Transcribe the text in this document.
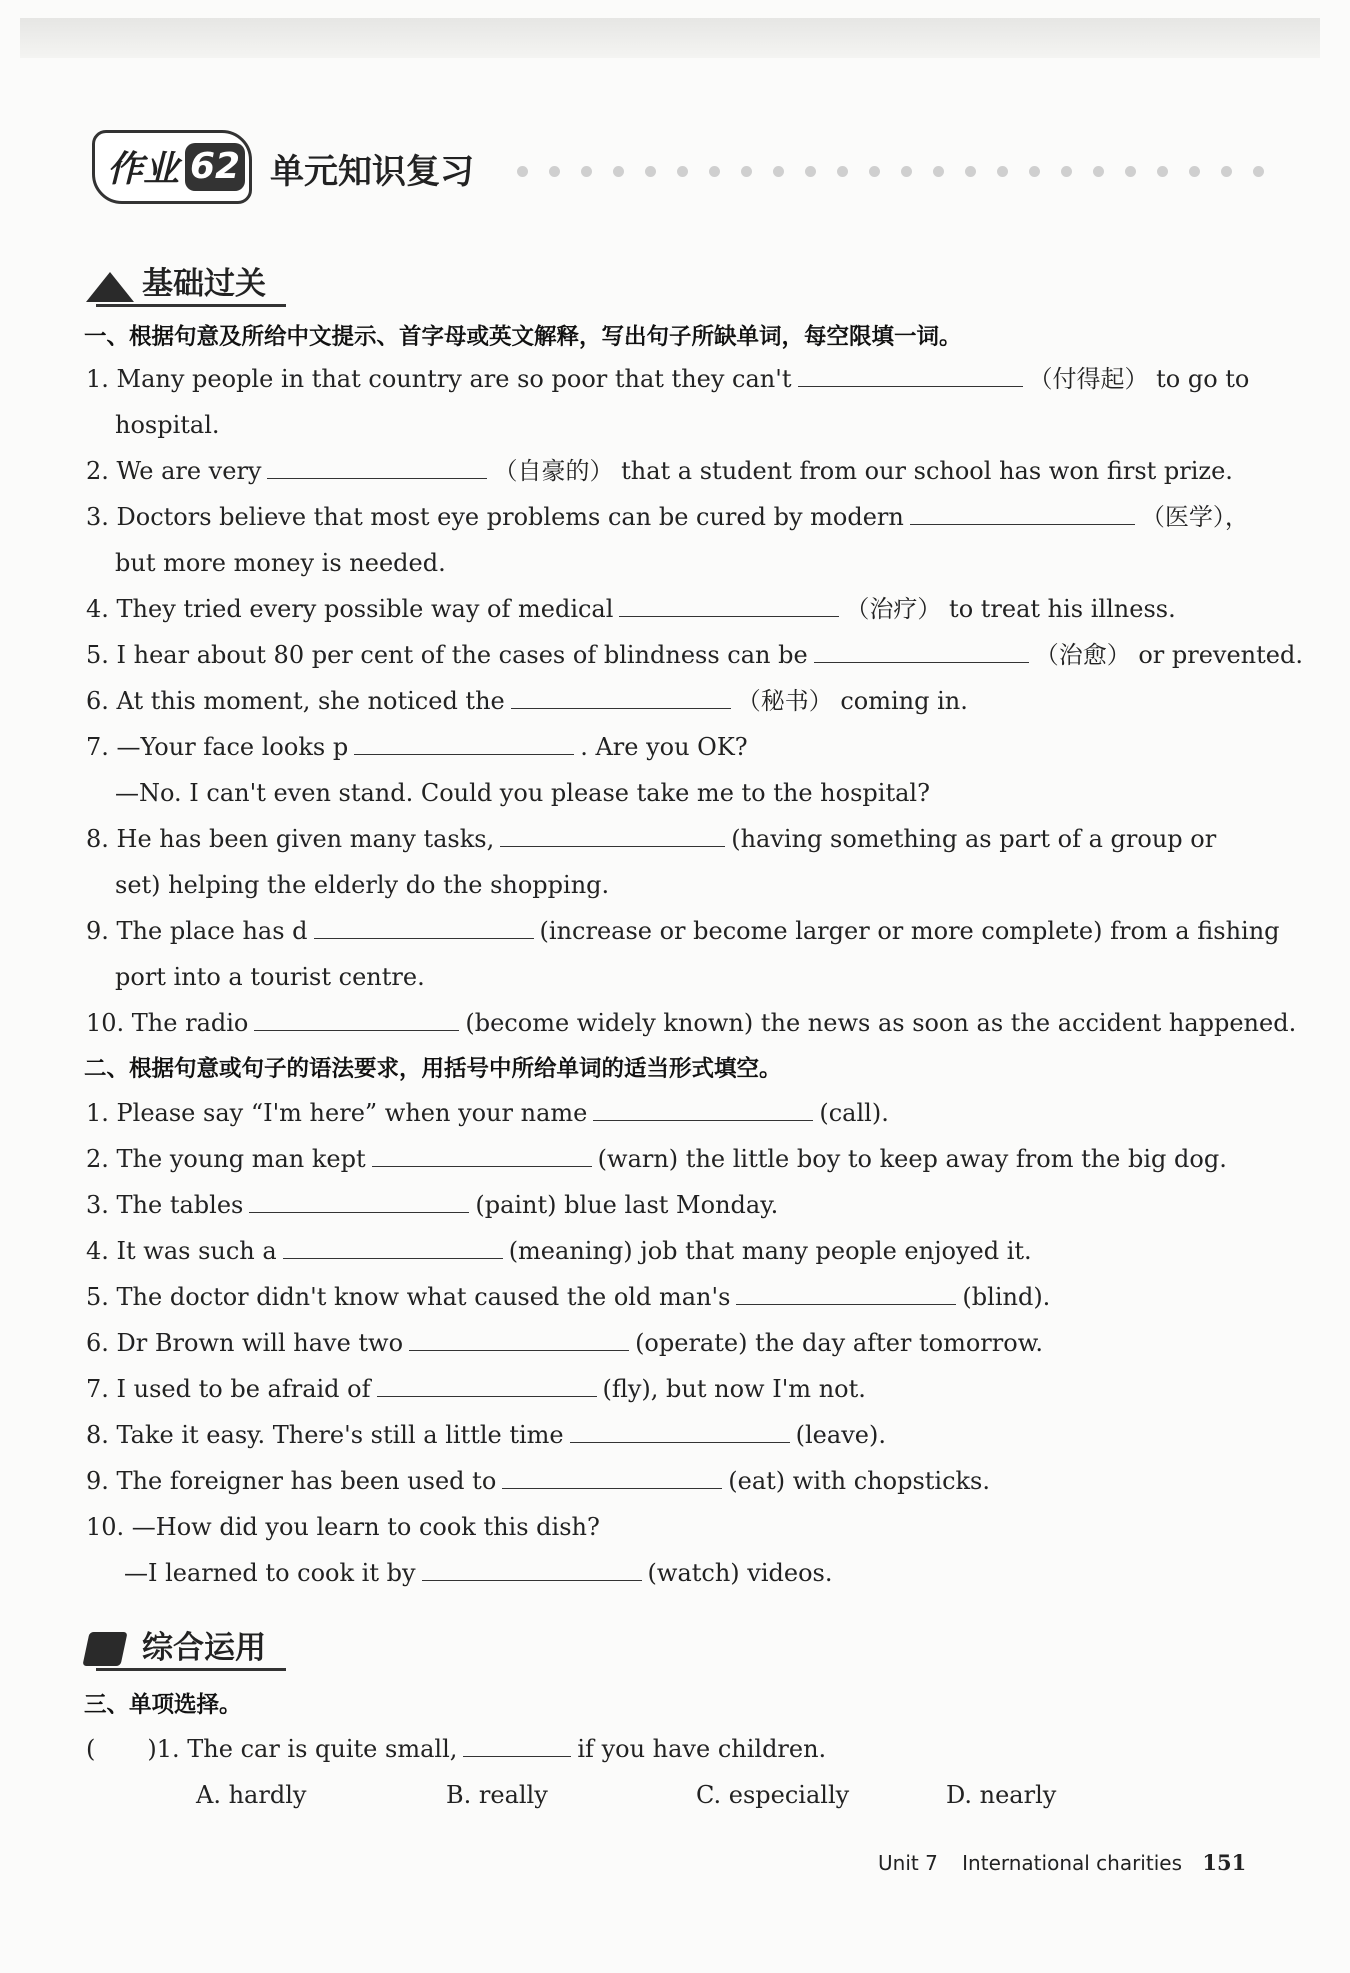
作业 62 单元知识复习
基础过关
一、根据句意及所给中文提示、首字母或英文解释，写出句子所缺单词，每空限填一词。
1. Many people in that country are so poor that they can't	（付得起） to go to
hospital.
2. We are very	（自豪的） that a student from our school has won first prize.
3. Doctors believe that most eye problems can be cured by modern	（医学），
but more money is needed.
4. They tried every possible way of medical	（治疗） to treat his illness.
5. I hear about 80 per cent of the cases of blindness can be	（治愈） or prevented.
6. At this moment, she noticed the	（秘书） coming in.
7. —Your face looks p	. Are you OK?
—No. I can't even stand. Could you please take me to the hospital?
8. He has been given many tasks,	(having something as part of a group or
set) helping the elderly do the shopping.
9. The place has d	(increase or become larger or more complete) from a fishing
port into a tourist centre.
10. The radio	(become widely known) the news as soon as the accident happened.
二、根据句意或句子的语法要求，用括号中所给单词的适当形式填空。
1. Please say “I'm here” when your name	(call).
2. The young man kept	(warn) the little boy to keep away from the big dog.
3. The tables	(paint) blue last Monday.
4. It was such a	(meaning) job that many people enjoyed it.
5. The doctor didn't know what caused the old man's	(blind).
6. Dr Brown will have two	(operate) the day after tomorrow.
7. I used to be afraid of	(fly), but now I'm not.
8. Take it easy. There's still a little time	(leave).
9. The foreigner has been used to	(eat) with chopsticks.
10. —How did you learn to cook this dish?
—I learned to cook it by	(watch) videos.
综合运用
三、单项选择。
( )1. The car is quite small,	if you have children.
A. hardly	B. really	C. especially	D. nearly
Unit 7 International charities 151
